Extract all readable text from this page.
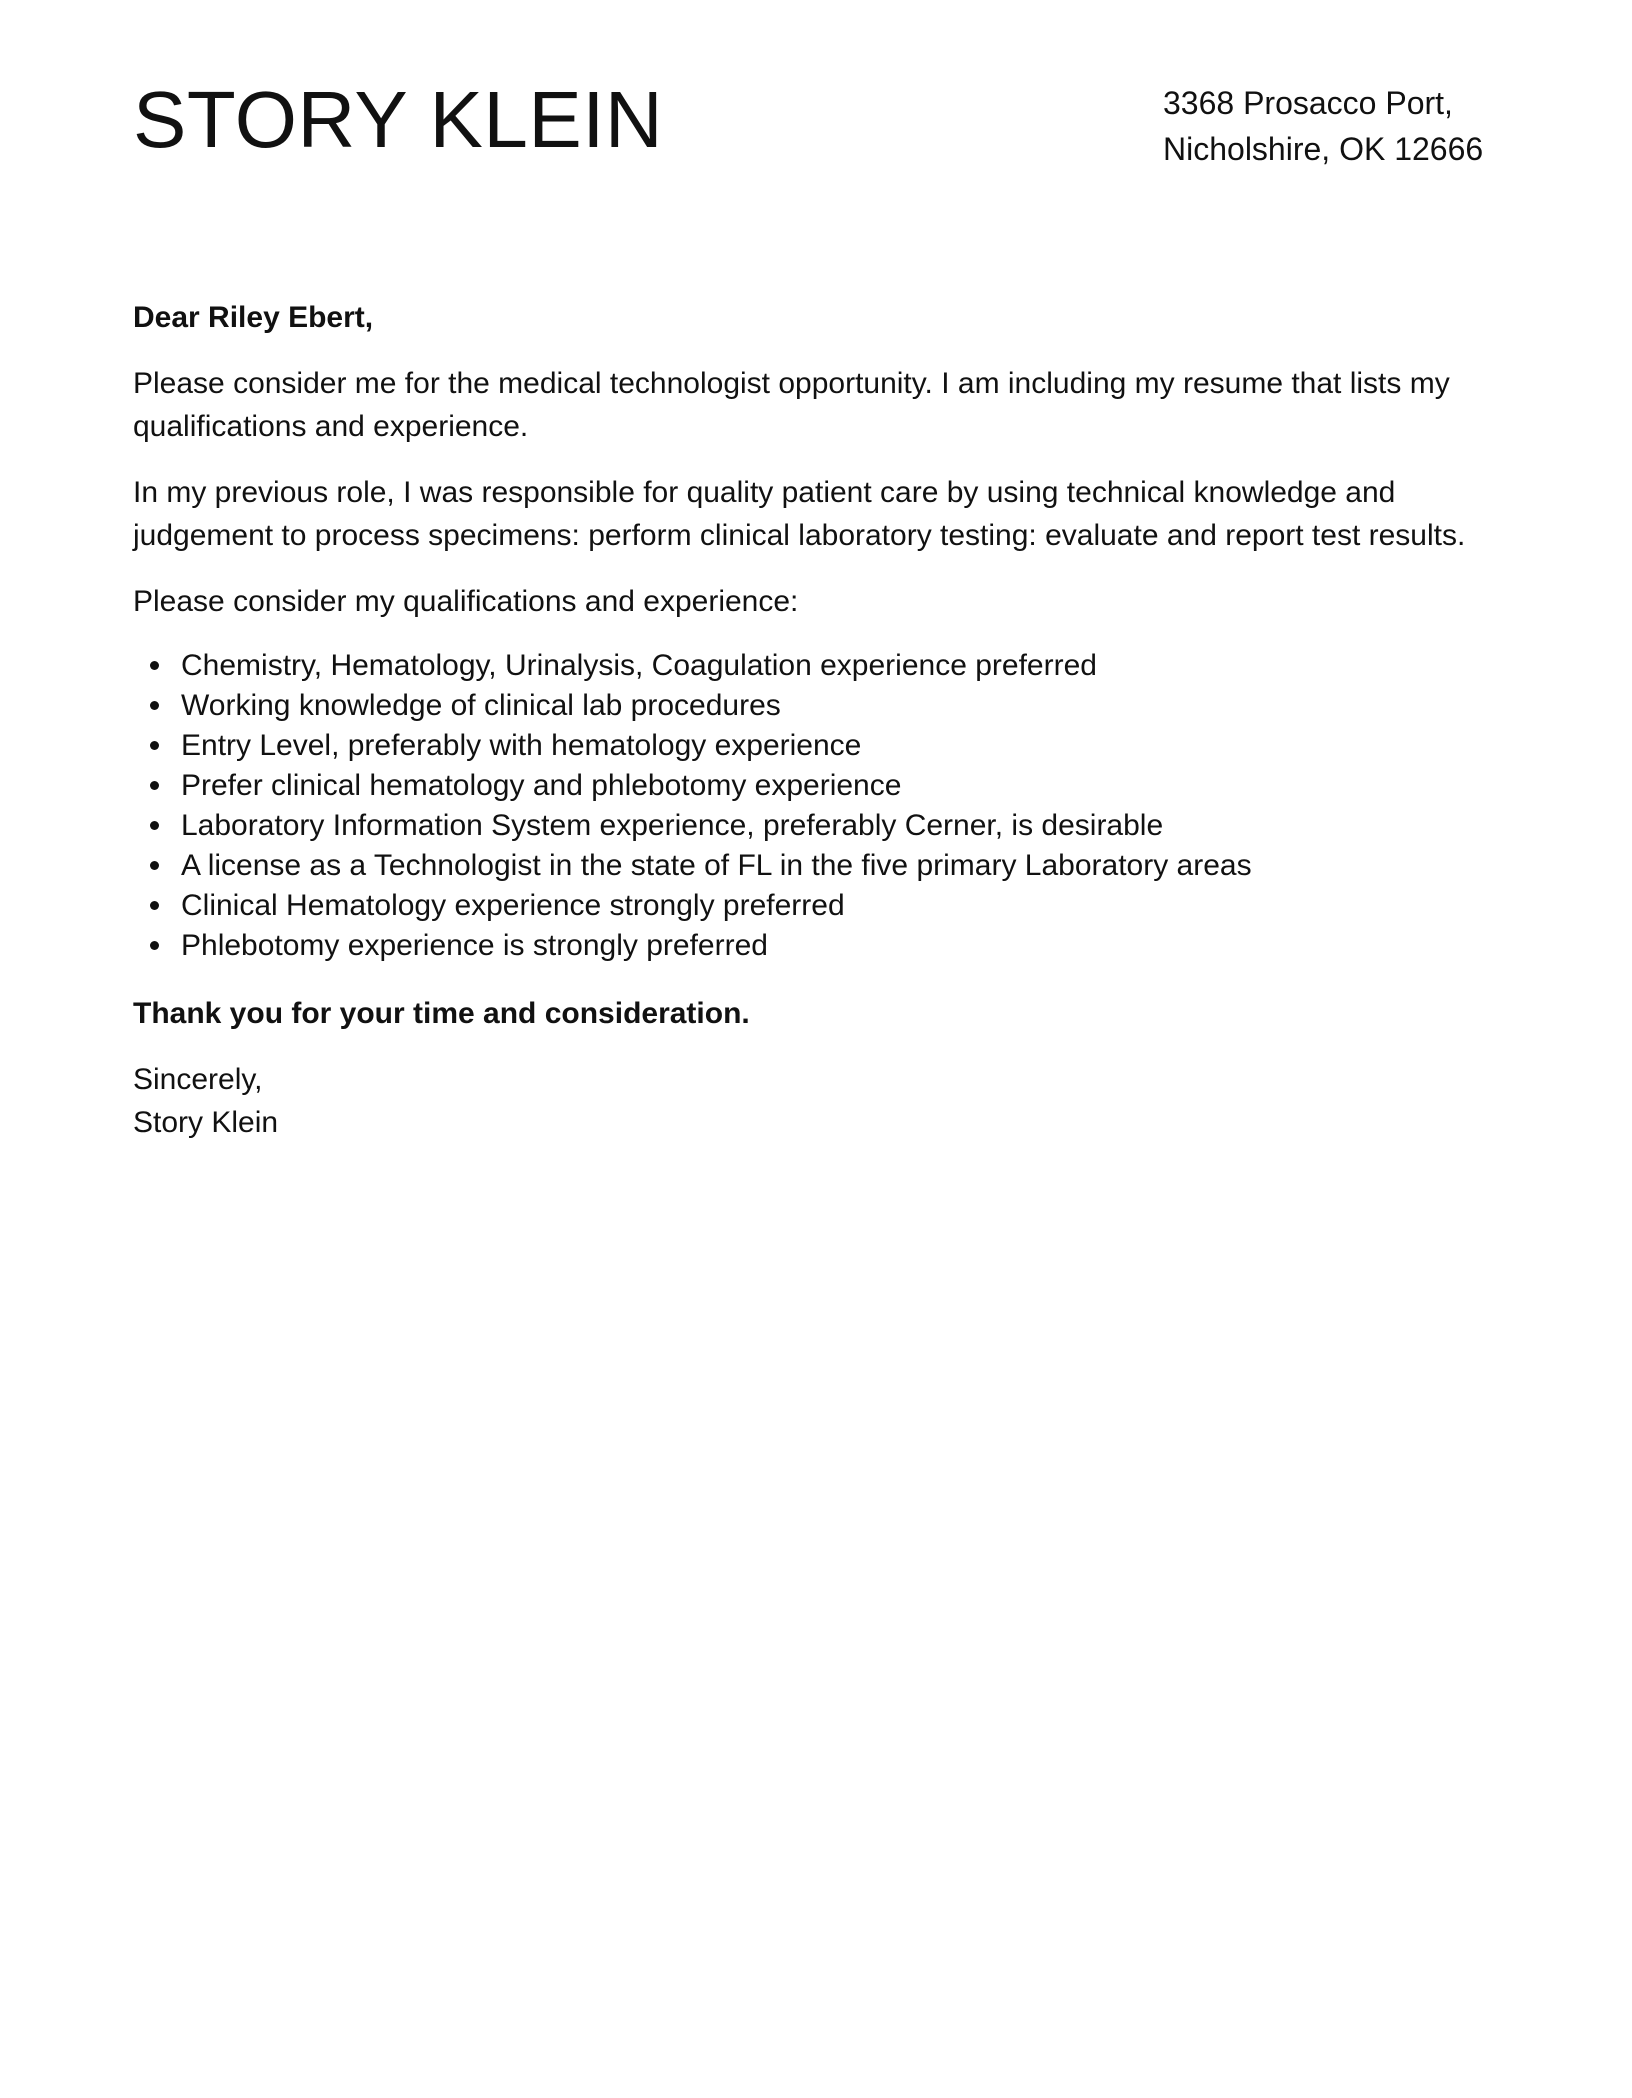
STORY KLEIN	3368 Prosacco Port,
Nicholshire, OK 12666

Dear Riley Ebert,

Please consider me for the medical technologist opportunity. I am including my resume that lists my qualifications and experience.

In my previous role, I was responsible for quality patient care by using technical knowledge and judgement to process specimens: perform clinical laboratory testing: evaluate and report test results.

Please consider my qualifications and experience:

Chemistry, Hematology, Urinalysis, Coagulation experience preferred
Working knowledge of clinical lab procedures
Entry Level, preferably with hematology experience
Prefer clinical hematology and phlebotomy experience
Laboratory Information System experience, preferably Cerner, is desirable
A license as a Technologist in the state of FL in the five primary Laboratory areas
Clinical Hematology experience strongly preferred
Phlebotomy experience is strongly preferred

Thank you for your time and consideration.

Sincerely,
Story Klein
